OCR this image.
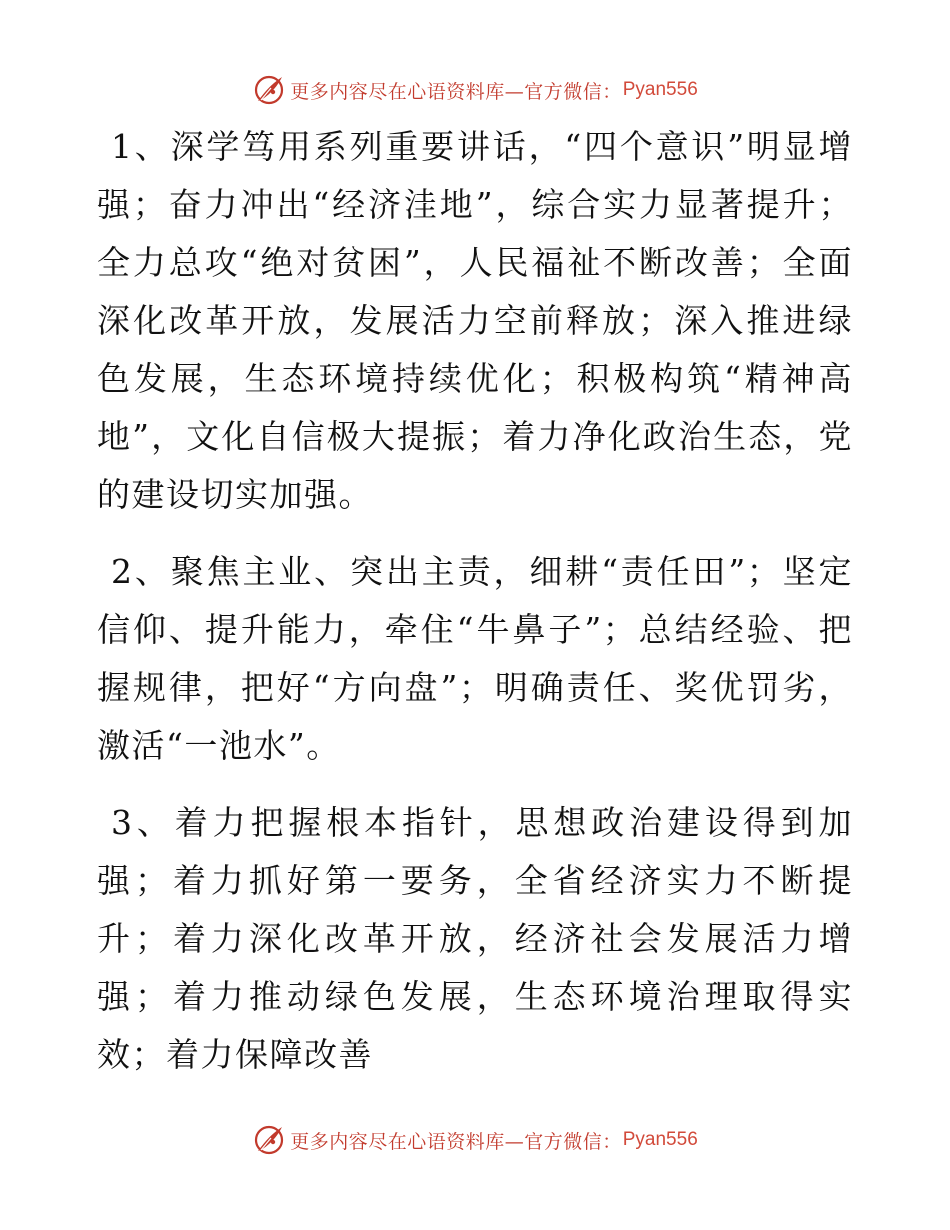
更多内容尽在心语资料库—官方微信： Pyan556

1、深学笃用系列重要讲话，“四个意识”明显增强；奋力冲出“经济洼地”，综合实力显著提升；全力总攻“绝对贫困”，人民福祉不断改善；全面深化改革开放，发展活力空前释放；深入推进绿色发展，生态环境持续优化；积极构筑“精神高地”，文化自信极大提振；着力净化政治生态，党的建设切实加强。

2、聚焦主业、突出主责，细耕“责任田”；坚定信仰、提升能力，牵住“牛鼻子”；总结经验、把握规律，把好“方向盘”；明确责任、奖优罚劣，激活“一池水”。

3、着力把握根本指针，思想政治建设得到加强；着力抓好第一要务，全省经济实力不断提升；着力深化改革开放，经济社会发展活力增强；着力推动绿色发展，生态环境治理取得实效；着力保障改善

更多内容尽在心语资料库—官方微信： Pyan556
